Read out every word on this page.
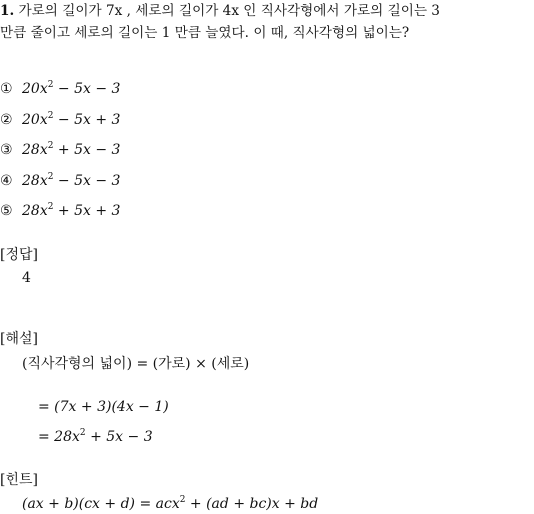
1. 가로의 길이가 7x , 세로의 길이가 4x 인 직사각형에서 가로의 길이는 3
만큼 줄이고 세로의 길이는 1 만큼 늘였다. 이 때, 직사각형의 넓이는?
① $20x^2 - 5x - 3$
② $20x^2 - 5x + 3$
③ $28x^2 + 5x - 3$
④ $28x^2 - 5x - 3$
⑤ $28x^2 + 5x + 3$
[정답]
4
[해설]
(직사각형의 넓이) = (가로) × (세로)
= (7x + 3)(4x − 1)
= $28x^2 + 5x - 3$
[힌트]
(ax + b)(cx + d) = acx$^2$ + (ad + bc)x + bd
